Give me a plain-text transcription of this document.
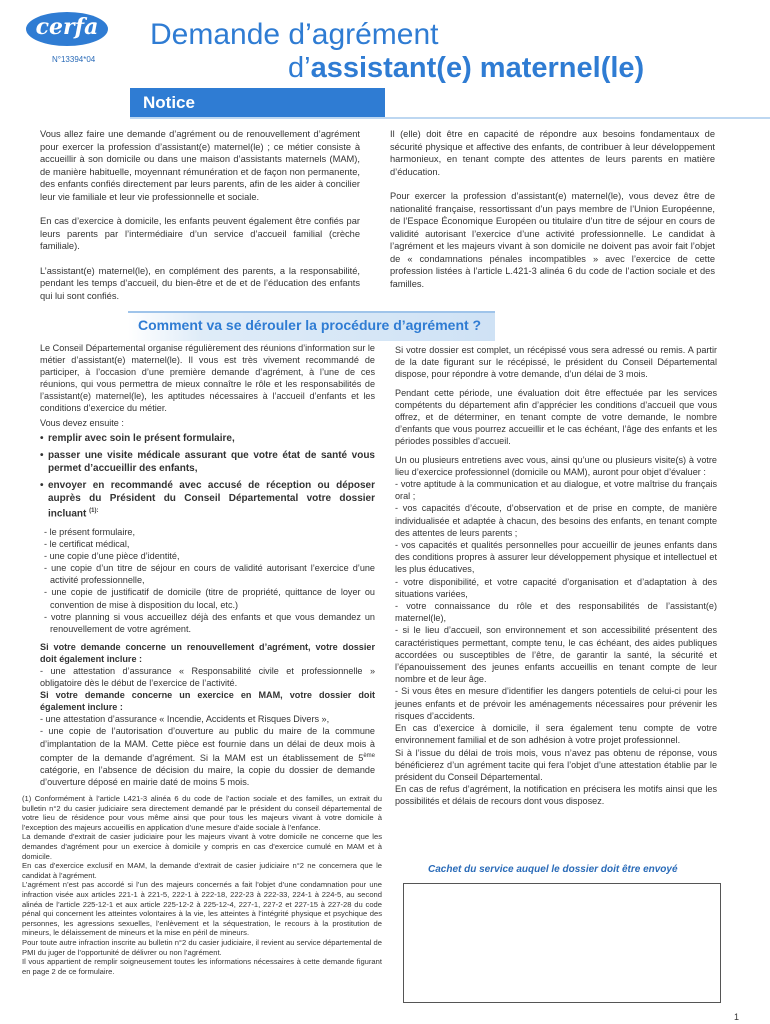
cerfa
N°13394*04
Demande d’agrément
d’assistant(e) maternel(le)
Notice

Vous allez faire une demande d’agrément ou de renouvellement d’agrément pour exercer la profession d’assistant(e) maternel(le) ; ce métier consiste à accueillir à son domicile ou dans une maison d’assistants maternels (MAM), de manière habituelle, moyennant rémunération et de façon non permanente, des enfants confiés directement par leurs parents, afin de les aider à concilier leur vie familiale et leur vie professionnelle et sociale.

En cas d’exercice à domicile, les enfants peuvent également être confiés par leurs parents par l’intermédiaire d’un service d’accueil familial (crèche familiale).

L’assistant(e) maternel(le), en complément des parents, a la responsabilité, pendant les temps d’accueil, du bien-être et de et de l’éducation des enfants qui lui sont confiés.

Il (elle) doit être en capacité de répondre aux besoins fondamentaux de sécurité physique et affective des enfants, de contribuer à leur développement harmonieux, en tenant compte des attentes de leurs parents en matière d’éducation.

Pour exercer la profession d’assistant(e) maternel(le), vous devez être de nationalité française, ressortissant d’un pays membre de l’Union Européenne, de l’Espace Économique Européen ou titulaire d’un titre de séjour en cours de validité autorisant l’exercice d’une activité professionnelle. Le candidat à l’agrément et les majeurs vivant à son domicile ne doivent pas avoir fait l’objet de « condamnations pénales incompatibles » avec l’exercice de cette profession listées à l’article L.421-3 alinéa 6 du code de l’action sociale et des familles.

Comment va se dérouler la procédure d’agrément ?

Le Conseil Départemental organise régulièrement des réunions d’information sur le métier d’assistant(e) maternel(le). Il vous est très vivement recommandé de participer, à l’occasion d’une première demande d’agrément, à l’une de ces réunions, qui vous permettra de mieux connaître le rôle et les responsabilités de l’assistant(e) maternel(le), les aptitudes nécessaires à l’accueil d’enfants et les conditions d’exercice du métier.

Vous devez ensuite :

• remplir avec soin le présent formulaire,
• passer une visite médicale assurant que votre état de santé vous permet d’accueillir des enfants,
• envoyer en recommandé avec accusé de réception ou déposer auprès du Président du Conseil Départemental votre dossier incluant $^{(1):}$
- le présent formulaire,
- le certificat médical,
- une copie d’une pièce d’identité,
- une copie d’un titre de séjour en cours de validité autorisant l’exercice d’une activité professionnelle,
- une copie de justificatif de domicile (titre de propriété, quittance de loyer ou convention de mise à disposition du local, etc.)
- votre planning si vous accueillez déjà des enfants et que vous demandez un renouvellement de votre agrément.

Si votre demande concerne un renouvellement d’agrément, votre dossier doit également inclure :

- une attestation d’assurance « Responsabilité civile et professionnelle » obligatoire dès le début de l’exercice de l’activité.

Si votre demande concerne un exercice en MAM, votre dossier doit également inclure :

- une attestation d’assurance « Incendie, Accidents et Risques Divers »,

- une copie de l’autorisation d’ouverture au public du maire de la commune d’implantation de la MAM. Cette pièce est fournie dans un délai de deux mois à compter de la demande d’agrément. Si la MAM est un établissement de 5ème catégorie, en l’absence de décision du maire, la copie du dossier de demande d’ouverture déposé en mairie daté de moins 5 mois.

(1) Conformément à l’article L421-3 alinéa 6 du code de l’action sociale et des familles, un extrait du bulletin n°2 du casier judiciaire sera directement demandé par le président du conseil départemental de votre lieu de résidence pour vous même ainsi que pour tous les majeurs vivant à votre domicile à l’exception des majeurs accueillis en application d’une mesure d’aide sociale à l’enfance.
La demande d’extrait de casier judiciaire pour les majeurs vivant à votre domicile ne concerne que les demandes d’agrément pour un exercice à domicile y compris en cas d’exercice cumulé en MAM et à domicile.
En cas d’exercice exclusif en MAM, la demande d’extrait de casier judiciaire n°2 ne concernera que le candidat à l’agrément.
L’agrément n’est pas accordé si l’un des majeurs concernés a fait l’objet d’une condamnation pour une infraction visée aux articles 221-1 à 221-5, 222-1 à 222-18, 222-23 à 222-33, 224-1 à 224-5, au second alinéa de l’article 225-12-1 et aux article 225-12-2 à 225-12-4, 227-1, 227-2 et 227-15 à 227-28 du code pénal qui concernent les atteintes volontaires à la vie, les atteintes à l’intégrité physique et psychique des personnes, les agressions sexuelles, l’enlèvement et la séquestration, le recours à la prostitution de mineurs, le délaissement de mineurs et la mise en péril de mineurs.
Pour toute autre infraction inscrite au bulletin n°2 du casier judiciaire, il revient au service départemental de PMI du juger de l’opportunité de délivrer ou non l’agrément.
Il vous appartient de remplir soigneusement toutes les informations nécessaires à cette demande figurant en page 2 de ce formulaire.

Si votre dossier est complet, un récépissé vous sera adressé ou remis. A partir de la date figurant sur le récépissé, le président du Conseil Départemental dispose, pour répondre à votre demande, d’un délai de 3 mois.

Pendant cette période, une évaluation doit être effectuée par les services compétents du département afin d’apprécier les conditions d’accueil que vous offrez, et de déterminer, en tenant compte de votre demande, le nombre d’enfants que vous pourrez accueillir et le cas échéant, l’âge des enfants et les périodes possibles d’accueil.

Un ou plusieurs entretiens avec vous, ainsi qu’une ou plusieurs visite(s) à votre lieu d’exercice professionnel (domicile ou MAM), auront pour objet d’évaluer :

- votre aptitude à la communication et au dialogue, et votre maîtrise du français oral ;
- vos capacités d’écoute, d’observation et de prise en compte, de manière individualisée et adaptée à chacun, des besoins des enfants, en tenant compte des attentes de leurs parents ;
- vos capacités et qualités personnelles pour accueillir de jeunes enfants dans des conditions propres à assurer leur développement physique et intellectuel et les plus éducatives,
- votre disponibilité, et votre capacité d’organisation et d’adaptation à des situations variées,
- votre connaissance du rôle et des responsabilités de l’assistant(e) maternel(le),
- si le lieu d’accueil, son environnement et son accessibilité présentent des caractéristiques permettant, compte tenu, le cas échéant, des aides publiques accordées ou susceptibles de l’être, de garantir la santé, la sécurité et l’épanouissement des jeunes enfants accueillis en tenant compte de leur nombre et de leur âge.
- Si vous êtes en mesure d’identifier les dangers potentiels de celui-ci pour les jeunes enfants et de prévoir les aménagements nécessaires pour prévenir les risques d’accidents.

En cas d’exercice à domicile, il sera également tenu compte de votre environnement familial et de son adhésion à votre projet professionnel.

Si à l’issue du délai de trois mois, vous n’avez pas obtenu de réponse, vous bénéficierez d’un agrément tacite qui fera l’objet d’une attestation établie par le président du Conseil Départemental.

En cas de refus d’agrément, la notification en précisera les motifs ainsi que les possibilités et délais de recours dont vous disposez.

Cachet du service auquel le dossier doit être envoyé
1
